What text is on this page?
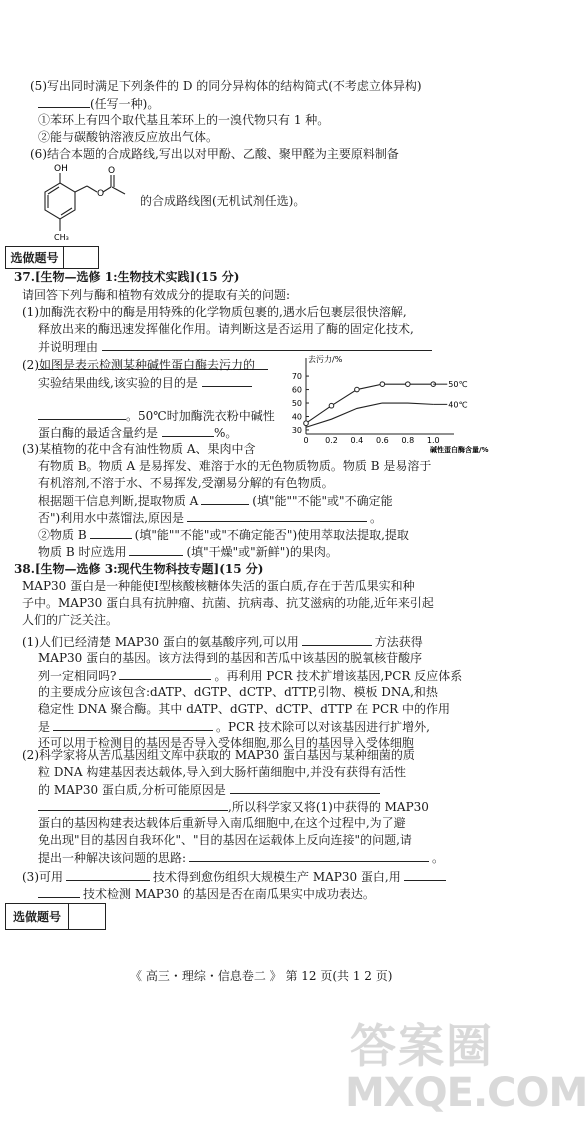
(5)写出同时满足下列条件的 D 的同分异构体的结构简式(不考虑立体异构)
(任写一种)。
①苯环上有四个取代基且苯环上的一溴代物只有 1 种。
②能与碳酸钠溶液反应放出气体。
(6)结合本题的合成路线,写出以对甲酚、乙酸、聚甲醛为主要原料制备
OH
O
O
CH₃
的合成路线图(无机试剂任选)。
选做题号
37.[生物—选修 1:生物技术实践](15 分)
请回答下列与酶和植物有效成分的提取有关的问题:
(1)加酶洗衣粉中的酶是用特殊的化学物质包裹的,遇水后包裹层很快溶解,
释放出来的酶迅速发挥催化作用。请判断这是否运用了酶的固定化技术,
并说明理由
(2)如图是表示检测某种碱性蛋白酶去污力的
实验结果曲线,该实验的目的是
。50℃时加酶洗衣粉中碱性
蛋白酶的最适含量约是	%。
去污力/%
碱性蛋白酶含量/%
30
40
50
60
70
0 0.2 0.4 0.6 0.8 1.0
50℃
40℃
(3)某植物的花中含有油性物质 A、果肉中含
有物质 B。物质 A 是易挥发、难溶于水的无色物质物质。物质 B 是易溶于
有机溶剂,不溶于水、不易挥发,受潮易分解的有色物质。
根据题干信息判断,提取物质 A	(填"能""不能"或"不确定能
否")利用水中蒸馏法,原因是	。
②物质 B	(填"能""不能"或"不确定能否")使用萃取法提取,提取
物质 B 时应选用	(填"干燥"或"新鲜")的果肉。
38.[生物—选修 3:现代生物科技专题](15 分)
MAP30 蛋白是一种能使Ⅰ型核酸核糖体失活的蛋白质,存在于苦瓜果实和种
子中。MAP30 蛋白具有抗肿瘤、抗菌、抗病毒、抗艾滋病的功能,近年来引起
人们的广泛关注。
(1)人们已经清楚 MAP30 蛋白的氨基酸序列,可以用	方法获得
MAP30 蛋白的基因。该方法得到的基因和苦瓜中该基因的脱氧核苷酸序
列一定相同吗?	。再利用 PCR 技术扩增该基因,PCR 反应体系
的主要成分应该包含:dATP、dGTP、dCTP、dTTP,引物、模板 DNA,和热
稳定性 DNA 聚合酶。其中 dATP、dGTP、dCTP、dTTP 在 PCR 中的作用
是	。PCR 技术除可以对该基因进行扩增外,
还可以用于检测目的基因是否导入受体细胞,那么目的基因导入受体细胞
(2)科学家将从苦瓜基因组文库中获取的 MAP30 蛋白基因与某种细菌的质
粒 DNA 构建基因表达载体,导入到大肠杆菌细胞中,并没有获得有活性
的 MAP30 蛋白质,分析可能原因是
,所以科学家又将(1)中获得的 MAP30
蛋白的基因构建表达载体后重新导入南瓜细胞中,在这个过程中,为了避
免出现"目的基因自我环化"、"目的基因在运载体上反向连接"的问题,请
提出一种解决该问题的思路:	。
(3)可用	技术得到愈伤组织大规模生产 MAP30 蛋白,用
技术检测 MAP30 的基因是否在南瓜果实中成功表达。
选做题号
《 高三・理综・信息卷二 》 第 12 页(共 1 2 页)
答案圈
MXQE.COM
